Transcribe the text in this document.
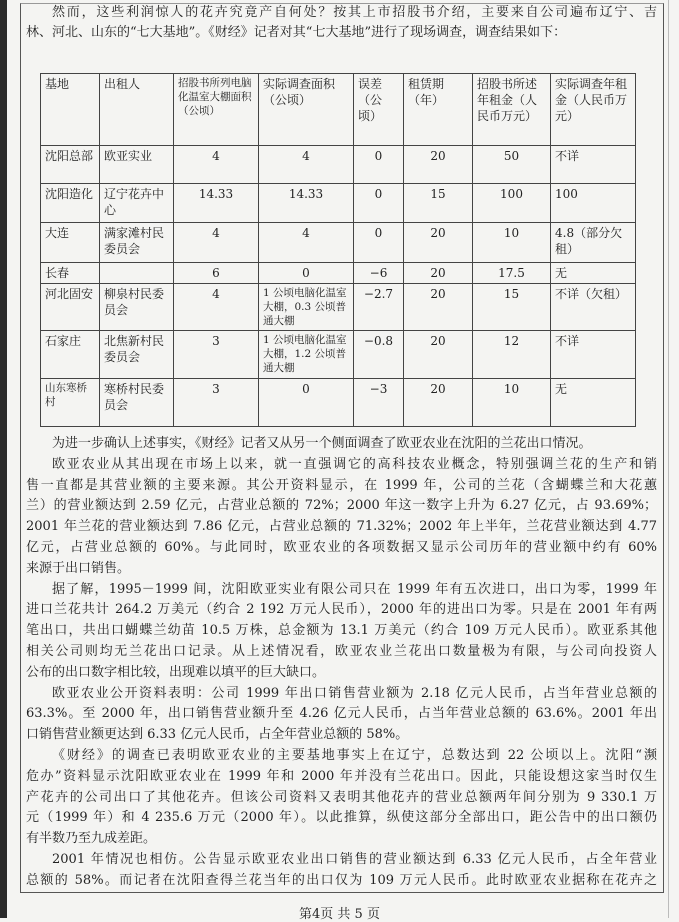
然而，这些利润惊人的花卉究竟产自何处？按其上市招股书介绍，主要来自公司遍布辽宁、吉
林、河北、山东的“七大基地”。《财经》记者对其“七大基地”进行了现场调查，调查结果如下：
基地	出租人	招股书所列电脑化温室大棚面积（公顷）	实际调查面积（公顷）	误差（公顷）	租赁期（年）	招股书所述年租金（人民币万元）	实际调查年租金（人民币万元）
沈阳总部	欧亚实业	4	4	0	20	50	不详
沈阳造化	辽宁花卉中心	14.33	14.33	0	15	100	100
大连	满家滩村民委员会	4	4	0	20	10	4.8（部分欠租）
长春		6	0	−6	20	17.5	无
河北固安	柳泉村民委员会	4	1 公顷电脑化温室大棚，0.3 公顷普通大棚	−2.7	20	15	不详（欠租）
石家庄	北焦新村民委员会	3	1 公顷电脑化温室大棚，1.2 公顷普通大棚	−0.8	20	12	不详
山东寒桥村	寒桥村民委员会	3	0	−3	20	10	无
为进一步确认上述事实，《财经》记者又从另一个侧面调查了欧亚农业在沈阳的兰花出口情况。
欧亚农业从其出现在市场上以来，就一直强调它的高科技农业概念，特别强调兰花的生产和销
售一直都是其营业额的主要来源。其公开资料显示，在 1999 年，公司的兰花（含蝴蝶兰和大花蕙
兰）的营业额达到 2.59 亿元，占营业总额的 72%；2000 年这一数字上升为 6.27 亿元，占 93.69%；
2001 年兰花的营业额达到 7.86 亿元，占营业总额的 71.32%；2002 年上半年，兰花营业额达到 4.77
亿元，占营业总额的 60%。与此同时，欧亚农业的各项数据又显示公司历年的营业额中约有 60%
来源于出口销售。
据了解，1995－1999 间，沈阳欧亚实业有限公司只在 1999 年有五次进口，出口为零，1999 年
进口兰花共计 264.2 万美元（约合 2 192 万元人民币），2000 年的进出口为零。只是在 2001 年有两
笔出口，共出口蝴蝶兰幼苗 10.5 万株，总金额为 13.1 万美元（约合 109 万元人民币）。欧亚系其他
相关公司则均无兰花出口记录。从上述情况看，欧亚农业兰花出口数量极为有限，与公司向投资人
公布的出口数字相比较，出现难以填平的巨大缺口。
欧亚农业公开资料表明：公司 1999 年出口销售营业额为 2.18 亿元人民币，占当年营业总额的
63.3%。至 2000 年，出口销售营业额升至 4.26 亿元人民币，占当年营业总额的 63.6%。2001 年出
口销售营业额更达到 6.33 亿元人民币，占全年营业总额的 58%。
《财经》的调查已表明欧亚农业的主要基地事实上在辽宁，总数达到 22 公顷以上。沈阳“濒
危办”资料显示沈阳欧亚农业在 1999 年和 2000 年并没有兰花出口。因此，只能设想这家当时仅生
产花卉的公司出口了其他花卉。但该公司资料又表明其他花卉的营业总额两年间分别为 9 330.1 万
元（1999 年）和 4 235.6 万元（2000 年）。以此推算，纵使这部分全部出口，距公告中的出口额仍
有半数乃至九成差距。
2001 年情况也相仿。公告显示欧亚农业出口销售的营业额达到 6.33 亿元人民币，占全年营业
总额的 58%。而记者在沈阳查得兰花当年的出口仅为 109 万元人民币。此时欧亚农业据称在花卉之
第4页 共 5 页
